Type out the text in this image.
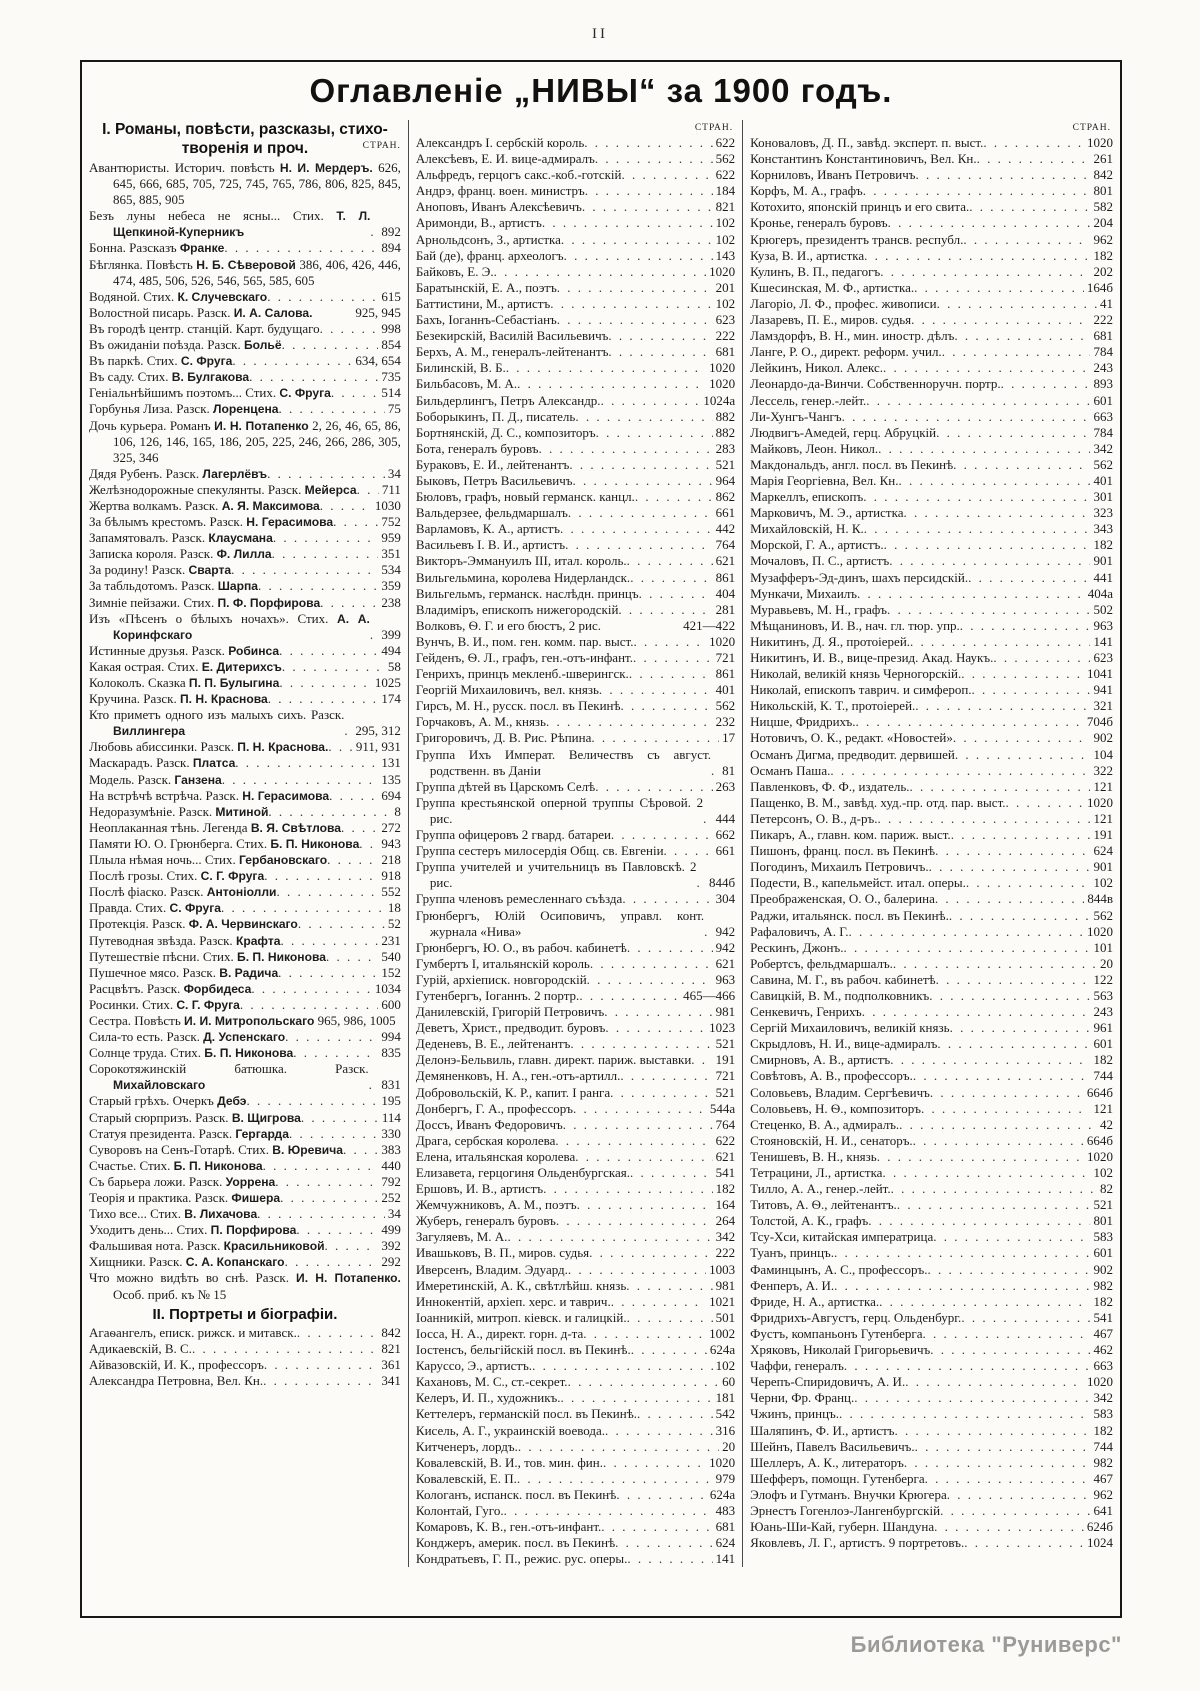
II
Оглавленіе „НИВЫ“ за 1900 годъ.
I. Романы, повѣсти, разсказы, стихо-
творенія и проч.	СТРАН.
Авантюристы. Историч. повѣсть Н. И. Мердеръ. 626, 645, 666, 685, 705, 725, 745, 765, 786, 806, 825, 845, 865, 885, 905
Безъ луны небеса не ясны... Стих. Т. Л. Щепкиной-Куперникъ . .	892
Бонна. Разсказъ Франке . .	894
Бѣглянка. Повѣсть Н. Б. Сѣверовой 386, 406, 426, 446, 474, 485, 506, 526, 546, 565, 585, 605
Водяной. Стих. К. Случевскаго . .	615
Волостной писарь. Разск. И. А. Салова.	925, 945
Въ городѣ центр. станцій. Карт. будущаго . .	998
Въ ожиданіи поѣзда. Разск. Больё . .	854
Въ паркѣ. Стих. С. Фруга . .	634, 654
Въ саду. Стих. В. Булгакова . .	735
Геніальнѣйшимъ поэтомъ... Стих. С. Фруга . .	514
Горбунья Лиза. Разск. Лоренцена . .	75
Дочь курьера. Романъ И. Н. Потапенко 2, 26, 46, 65, 86, 106, 126, 146, 165, 186, 205, 225, 246, 266, 286, 305, 325, 346
Дядя Рубенъ. Разск. Лагерлёвъ . .	34
Желѣзнодорожные спекулянты. Разск. Мейерса . . 711
Жертва волкамъ. Разск. А. Я. Максимова . .	1030
За бѣлымъ крестомъ. Разск. Н. Герасимова . .	752
Запамятовалъ. Разск. Клаусмана . .	959
Записка короля. Разск. Ф. Лилла . .	351
За родину! Разск. Сварта . .	534
За табльдотомъ. Разск. Шарпа . .	359
Зимніе пейзажи. Стих. П. Ф. Порфирова . .	238
Изъ «Пѣсенъ о бѣлыхъ ночахъ». Стих. А. А. Коринфскаго . .	399
Истинные друзья. Разск. Робинса . .	494
Какая острая. Стих. Е. Дитерихсъ . .	58
Колоколъ. Сказка П. П. Булыгина . .	1025
Кручина. Разск. П. Н. Краснова . .	174
Кто приметъ одного изъ малыхъ сихъ. Разск. Виллингера . .	295, 312
Любовь абиссинки. Разск. П. Н. Краснова. . . 911, 931
Маскарадъ. Разск. Платса . .	131
Модель. Разск. Ганзена . .	135
На встрѣчѣ встрѣча. Разск. Н. Герасимова . .	694
Недоразумѣніе. Разск. Митиной . .	8
Неоплаканная тѣнь. Легенда В. Я. Свѣтлова . .	272
Памяти Ю. О. Грюнберга. Стих. Б. П. Никонова . . 943
Плыла нѣмая ночь... Стих. Гербановскаго . .	218
Послѣ грозы. Стих. С. Г. Фруга . .	918
Послѣ фіаско. Разск. Антоніолли . .	552
Правда. Стих. С. Фруга . .	18
Протекція. Разск. Ф. А. Червинскаго . .	52
Путеводная звѣзда. Разск. Крафта . .	231
Путешествіе пѣсни. Стих. Б. П. Никонова . .	540
Пушечное мясо. Разск. В. Радича . .	152
Расцвѣтъ. Разск. Форбидеса . .	1034
Росинки. Стих. С. Г. Фруга . .	600
Сестра. Повѣсть И. И. Митропольскаго 965, 986, 1005
Сила-то есть. Разск. Д. Успенскаго . .	994
Солнце труда. Стих. Б. П. Никонова . .	835
Сорокотяжинскій батюшка. Разск. Михайловскаго . .	831
Старый грѣхъ. Очеркъ Дебэ . .	195
Старый сюрпризъ. Разск. В. Щигрова . .	114
Статуя президента. Разск. Гергарда . .	330
Суворовъ на Сенъ-Готарѣ. Стих. В. Юревича . .	383
Счастье. Стих. Б. П. Никонова . .	440
Съ барьера ложи. Разск. Уоррена . .	792
Теорія и практика. Разск. Фишера . .	252
Тихо все... Стих. В. Лихачова . .	34
Уходитъ день... Стих. П. Порфирова . .	499
Фальшивая нота. Разск. Красильниковой . .	392
Хищники. Разск. С. А. Копанскаго . .	292
Что можно видѣть во снѣ. Разск. И. Н. Потапенко. Особ. приб. къ № 15
II. Портреты и біографіи.
Агаѳангелъ, еписк. рижск. и митавск. . .	842
Адикаевскій, В. С. . .	821
Айвазовскій, И. К., профессоръ . .	361
Александра Петровна, Вел. Кн. . .	341
СТРАН.
Александръ I. сербскій король . .	622
Алексѣевъ, Е. И. вице-адмиралъ . .	562
Альфредъ, герцогъ сакс.-коб.-готскій . .	622
Андрэ, франц. воен. министръ . .	184
Аноповъ, Иванъ Алексѣевичъ . .	821
Аримонди, В., артистъ . .	102
Арнольдсонъ, З., артистка . .	102
Бай (де), франц. археологъ . .	143
Байковъ, Е. Э. . .	1020
Баратынскій, Е. А., поэтъ . .	201
Баттистини, М., артистъ . .	102
Бахъ, Іоганнъ-Себастіанъ . .	623
Безекирскій, Василій Васильевичъ . .	222
Берхъ, А. М., генералъ-лейтенантъ . .	681
Билинскій, В. Б. . .	1020
Бильбасовъ, М. А. . .	1020
Бильдерлингъ, Петръ Александр. . .	1024а
Боборыкинъ, П. Д., писатель . .	882
Бортнянскій, Д. С., композиторъ . .	882
Бота, генералъ буровъ . .	283
Бураковъ, Е. И., лейтенантъ . .	521
Быковъ, Петръ Васильевичъ . .	964
Бюловъ, графъ, новый германск. канцл. . .	862
Вальдерзее, фельдмаршалъ . .	661
Варламовъ, К. А., артистъ . .	442
Васильевъ I. В. И., артистъ . .	764
Викторъ-Эммануилъ III, итал. король. . .	621
Вильгельмина, королева Нидерландск. . .	861
Вильгельмъ, германск. наслѣдн. принцъ . .	404
Владиміръ, епископъ нижегородскій . .	281
Волковъ, Ѳ. Г. и его бюстъ, 2 рис.	421—422
Вунчъ, В. И., пом. ген. комм. пар. выст. . .	1020
Гейденъ, Ѳ. Л., графъ, ген.-отъ-инфант. . .	721
Генрихъ, принцъ мекленб.-шверингск. . .	861
Георгій Михаиловичъ, вел. князь . .	401
Гирсъ, М. Н., русск. посл. въ Пекинѣ . .	562
Горчаковъ, А. М., князь . .	232
Григоровичъ, Д. В. Рис. Рѣпина . .	17
Группа Ихъ Императ. Величествъ съ август. родственн. въ Даніи . .	81
Группа дѣтей въ Царскомъ Селѣ . .	263
Группа крестьянской оперной труппы Сѣровой. 2 рис. . .	444
Группа офицеровъ 2 гвард. батареи . .	662
Группа сестеръ милосердія Общ. св. Евгеніи . .	661
Группа учителей и учительницъ въ Павловскѣ. 2 рис. . .	844б
Группа членовъ ремесленнаго съѣзда . .	304
Грюнбергъ, Юлій Осиповичъ, управл. конт. журнала «Нива» . .	942
Грюнбергъ, Ю. О., въ рабоч. кабинетѣ . .	942
Гумбертъ I, итальянскій король . .	621
Гурій, архіеписк. новгородскій . .	963
Гутенбергъ, Іоганнъ. 2 портр. . .	465—466
Данилевскій, Григорій Петровичъ . .	981
Деветъ, Христ., предводит. буровъ . .	1023
Деденевъ, В. Е., лейтенантъ . .	521
Делонэ-Бельвиль, главн. директ. париж. выставки . . 191
Демяненковъ, Н. А., ген.-отъ-артилл. . .	721
Добровольскій, К. Р., капит. I ранга . .	521
Донбергъ, Г. А., профессоръ . .	544а
Доссъ, Иванъ Федоровичъ . .	764
Драга, сербская королева . .	622
Елена, итальянская королева . .	621
Елизавета, герцогиня Ольденбургская. . .	541
Ершовъ, И. В., артистъ . .	182
Жемчужниковъ, А. М., поэтъ . .	164
Жуберъ, генералъ буровъ . .	264
Загуляевъ, М. А. . .	342
Ивашьковъ, В. П., миров. судья . .	222
Иверсенъ, Владим. Эдуард. . .	1003
Имеретинскій, А. К., свѣтлѣйш. князь . .	981
Иннокентій, архіеп. херс. и таврич. . .	1021
Іоанникій, митроп. кіевск. и галицкій. . .	501
Іосса, Н. А., директ. горн. д-та . .	1002
Іостенсъ, бельгійскій посл. въ Пекинѣ. . .	624а
Каруссо, Э., артистъ. . .	102
Кахановъ, М. С., ст.-секрет. . .	60
Келеръ, И. П., художникъ. . .	181
Кеттелеръ, германскій посл. въ Пекинѣ. . .	542
Кисель, А. Г., украинскій воевода. . .	316
Китченеръ, лордъ. . .	20
Ковалевскій, В. И., тов. мин. фин. . .	1020
Ковалевскій, Е. П. . .	979
Кологанъ, испанск. посл. въ Пекинѣ . .	624а
Колонтай, Гуго. . .	483
Комаровъ, К. В., ген.-отъ-инфант. . .	681
Конджеръ, америк. посл. въ Пекинѣ . .	624
Кондратьевъ, Г. П., режис. рус. оперы. . .	141
СТРАН.
Коноваловъ, Д. П., завѣд. эксперт. п. выст. . .	1020
Константинъ Константиновичъ, Вел. Кн. . .	261
Корниловъ, Иванъ Петровичъ . .	842
Корфъ, М. А., графъ . .	801
Котохито, японскій принцъ и его свита. . .	582
Кронье, генералъ буровъ . .	204
Крюгеръ, президентъ трансв. республ. . .	962
Куза, В. И., артистка . .	182
Кулинъ, В. П., педагогъ . .	202
Кшесинская, М. Ф., артистка. . .	164б
Лагоріо, Л. Ф., профес. живописи . .	41
Лазаревъ, П. Е., миров. судья . .	222
Ламздорфъ, В. Н., мин. иностр. дѣлъ . .	681
Ланге, Р. О., директ. реформ. учил. . .	784
Лейкинъ, Никол. Алекс. . .	243
Леонардо-да-Винчи. Собственноручн. портр. . .	893
Лессель, генер.-лейт. . .	601
Ли-Хунгъ-Чангъ . .	663
Людвигъ-Амедей, герц. Абруцкій . .	784
Майковъ, Леон. Никол. . .	342
Макдональдъ, англ. посл. въ Пекинѣ . .	562
Марія Георгіевна, Вел. Кн. . .	401
Маркеллъ, епископъ . .	301
Марковичъ, М. Э., артистка . .	323
Михайловскій, Н. К. . .	343
Морской, Г. А., артистъ. . .	182
Мочаловъ, П. С., артистъ . .	901
Музафферъ-Эд-динъ, шахъ персидскій. . .	441
Мункачи, Михаилъ . .	404а
Муравьевъ, М. Н., графъ . .	502
Мѣщаниновъ, И. В., нач. гл. тюр. упр. . .	963
Никитинъ, Д. Я., протоіерей. . .	141
Никитинъ, И. В., вице-презид. Акад. Наукъ. . .	623
Николай, великій князь Черногорскій. . .	1041
Николай, епископъ таврич. и симфероп. . .	941
Никольскій, К. Т., протоіерей. . .	321
Ницше, Фридрихъ. . .	704б
Нотовичъ, О. К., редакт. «Новостей» . .	902
Османъ Дигма, предводит. дервишей . .	104
Османъ Паша. . .	322
Павленковъ, Ф. Ф., издатель. . .	121
Пащенко, В. М., завѣд. худ.-пр. отд. пар. выст. . .	1020
Петерсонъ, О. В., д-ръ. . .	121
Пикаръ, А., главн. ком. париж. выст. . .	191
Пишонъ, франц. посл. въ Пекинѣ . .	624
Погодинъ, Михаилъ Петровичъ. . .	901
Подести, В., капельмейст. итал. оперы. . .	102
Преображенская, О. О., балерина . .	844в
Раджи, итальянск. посл. въ Пекинѣ. . .	562
Рафаловичъ, А. Г. . .	1020
Рескинъ, Джонъ. . .	101
Робертсъ, фельдмаршалъ. . .	20
Савина, М. Г., въ рабоч. кабинетѣ . .	122
Савицкій, В. М., подполковникъ . .	563
Сенкевичъ, Генрихъ . .	243
Сергій Михаиловичъ, великій князь . .	961
Скрыдловъ, Н. И., вице-адмиралъ . .	601
Смирновъ, А. В., артистъ . .	182
Совѣтовъ, А. В., профессоръ. . .	744
Соловьевъ, Владим. Сергѣевичъ . .	664б
Соловьевъ, Н. Ѳ., композиторъ . .	121
Стеценко, В. А., адмиралъ. . .	42
Стояновскій, Н. И., сенаторъ. . .	664б
Тенишевъ, В. Н., князь . .	1020
Тетрацини, Л., артистка . .	102
Тилло, А. А., генер.-лейт. . .	82
Титовъ, А. Ѳ., лейтенантъ. . .	521
Толстой, А. К., графъ . .	801
Тсу-Хси, китайская императрица . .	583
Туанъ, принцъ. . .	601
Фаминцынъ, А. С., профессоръ. . .	902
Фенперъ, А. И. . .	982
Фриде, Н. А., артистка. . .	182
Фридрихъ-Августъ, герц. Ольденбург. . .	541
Фустъ, компаньонъ Гутенберга . .	467
Хряковъ, Николай Григорьевичъ . .	462
Чаффи, генералъ . .	663
Черепъ-Спиридовичъ, А. И. . .	1020
Черни, Фр. Франц. . .	342
Чжинъ, принцъ. . .	583
Шаляпинъ, Ф. И., артистъ . .	182
Шейнъ, Павелъ Васильевичъ. . .	744
Шеллеръ, А. К., литераторъ . .	982
Шефферъ, помощн. Гутенберга . .	467
Элофъ и Гутманъ. Внучки Крюгера . .	962
Эрнестъ Гогенлоэ-Лангенбургскій . .	641
Юань-Ши-Кай, губерн. Шандуна . .	624б
Яковлевъ, Л. Г., артистъ. 9 портретовъ. . .	1024
Библиотека "Руниверс"
